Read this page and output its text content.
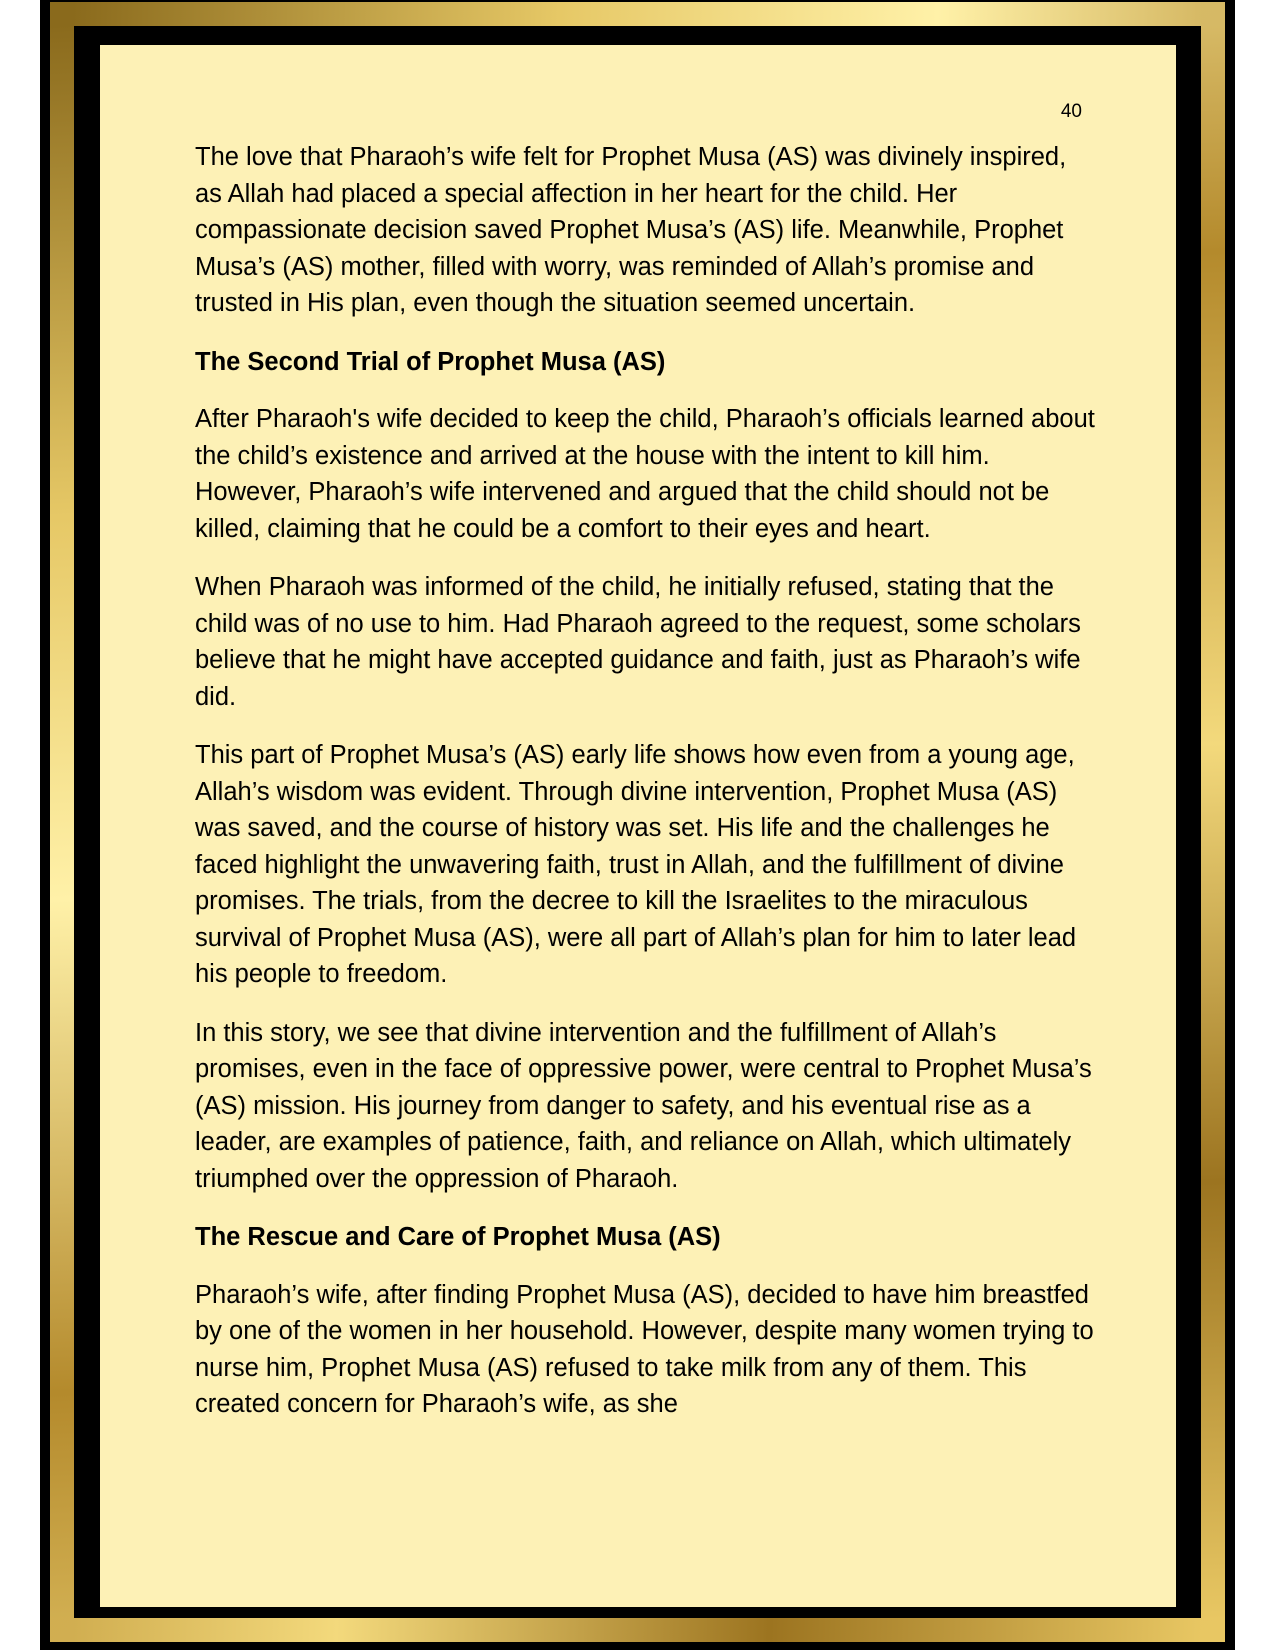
40

The love that Pharaoh’s wife felt for Prophet Musa (AS) was divinely inspired, as Allah had placed a special affection in her heart for the child. Her compassionate decision saved Prophet Musa’s (AS) life. Meanwhile, Prophet Musa’s (AS) mother, filled with worry, was reminded of Allah’s promise and trusted in His plan, even though the situation seemed uncertain.

The Second Trial of Prophet Musa (AS)

After Pharaoh's wife decided to keep the child, Pharaoh’s officials learned about the child’s existence and arrived at the house with the intent to kill him. However, Pharaoh’s wife intervened and argued that the child should not be killed, claiming that he could be a comfort to their eyes and heart.

When Pharaoh was informed of the child, he initially refused, stating that the child was of no use to him. Had Pharaoh agreed to the request, some scholars believe that he might have accepted guidance and faith, just as Pharaoh’s wife did.

This part of Prophet Musa’s (AS) early life shows how even from a young age, Allah’s wisdom was evident. Through divine intervention, Prophet Musa (AS) was saved, and the course of history was set. His life and the challenges he faced highlight the unwavering faith, trust in Allah, and the fulfillment of divine promises. The trials, from the decree to kill the Israelites to the miraculous survival of Prophet Musa (AS), were all part of Allah’s plan for him to later lead his people to freedom.

In this story, we see that divine intervention and the fulfillment of Allah’s promises, even in the face of oppressive power, were central to Prophet Musa’s (AS) mission. His journey from danger to safety, and his eventual rise as a leader, are examples of patience, faith, and reliance on Allah, which ultimately triumphed over the oppression of Pharaoh.

The Rescue and Care of Prophet Musa (AS)

Pharaoh’s wife, after finding Prophet Musa (AS), decided to have him breastfed by one of the women in her household. However, despite many women trying to nurse him, Prophet Musa (AS) refused to take milk from any of them. This created concern for Pharaoh’s wife, as she
